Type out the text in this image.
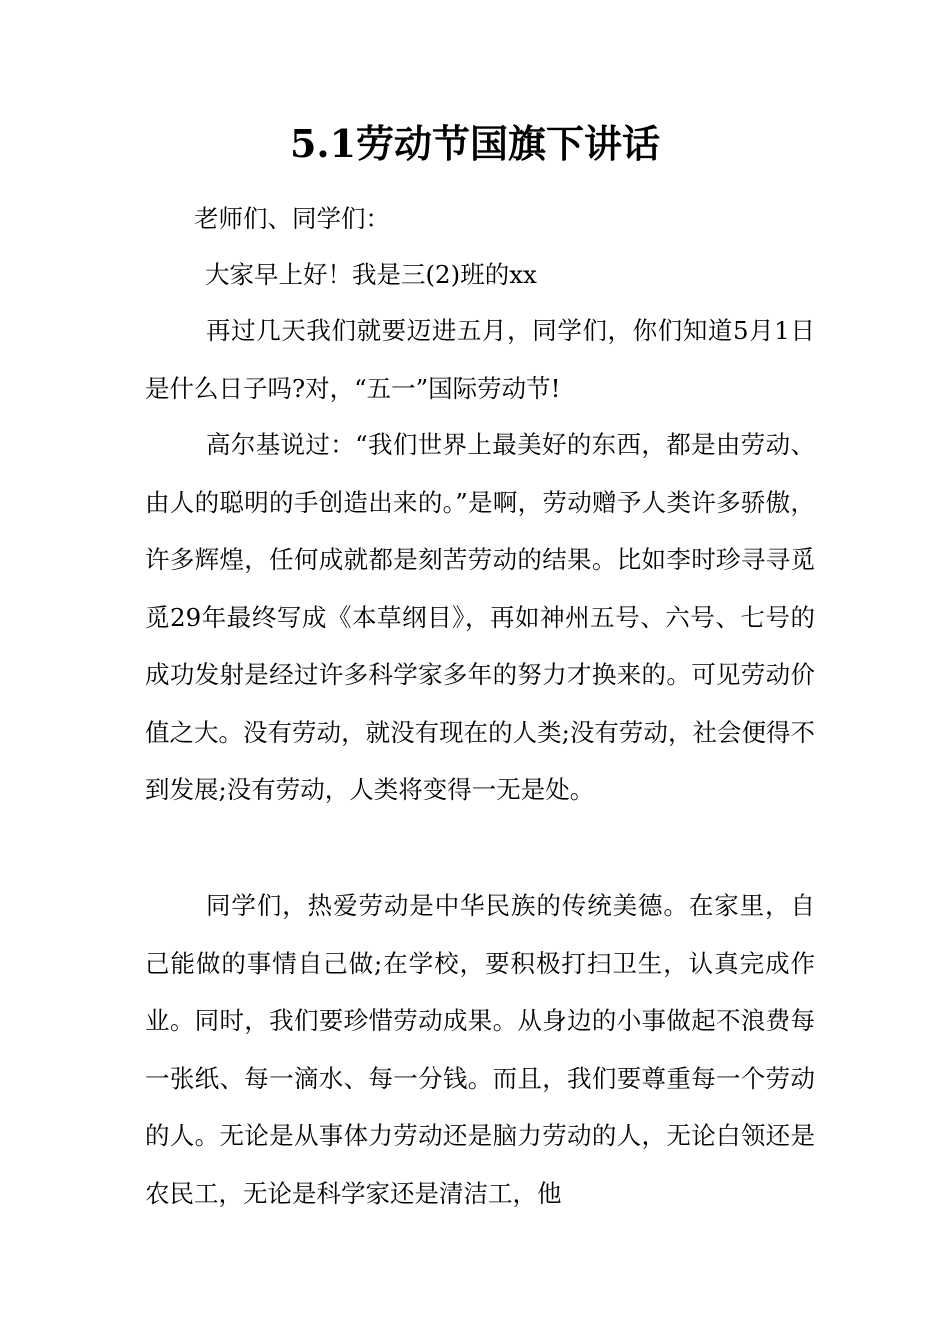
5.1劳动节国旗下讲话

老师们、同学们：

大家早上好！我是三(2)班的xx

再过几天我们就要迈进五月，同学们，你们知道5月1日是什么日子吗?对，“五一”国际劳动节!

高尔基说过：“我们世界上最美好的东西，都是由劳动、由人的聪明的手创造出来的。”是啊，劳动赠予人类许多骄傲，许多辉煌，任何成就都是刻苦劳动的结果。比如李时珍寻寻觅觅29年最终写成《本草纲目》，再如神州五号、六号、七号的成功发射是经过许多科学家多年的努力才换来的。可见劳动价值之大。没有劳动，就没有现在的人类;没有劳动，社会便得不到发展;没有劳动，人类将变得一无是处。

同学们，热爱劳动是中华民族的传统美德。在家里，自己能做的事情自己做;在学校，要积极打扫卫生，认真完成作业。同时，我们要珍惜劳动成果。从身边的小事做起不浪费每一张纸、每一滴水、每一分钱。而且，我们要尊重每一个劳动的人。无论是从事体力劳动还是脑力劳动的人，无论白领还是农民工，无论是科学家还是清洁工，他
